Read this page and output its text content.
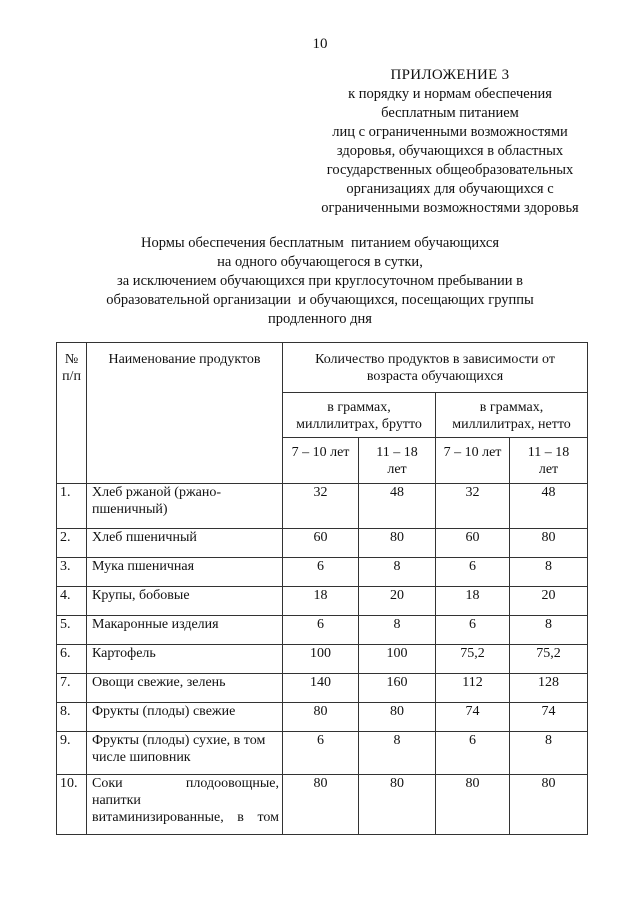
10
ПРИЛОЖЕНИЕ 3
к порядку и нормам обеспечения
бесплатным питанием
лиц с ограниченными возможностями
здоровья, обучающихся в областных
государственных общеобразовательных
организациях для обучающихся с
ограниченными возможностями здоровья
Нормы обеспечения бесплатным  питанием обучающихся
на одного обучающегося в сутки,
за исключением обучающихся при круглосуточном пребывании в
образовательной организации  и обучающихся, посещающих группы
продленного дня
№ п/п	Наименование продуктов	Количество продуктов в зависимости от возраста обучающихся			
		в граммах, миллилитрах, брутто		в граммах, миллилитрах, нетто	
		7 – 10 лет	11 – 18 лет	7 – 10 лет	11 – 18 лет
1.	Хлеб ржаной (ржано-пшеничный)	32	48	32	48
2.	Хлеб пшеничный	60	80	60	80
3.	Мука пшеничная	6	8	6	8
4.	Крупы, бобовые	18	20	18	20
5.	Макаронные изделия	6	8	6	8
6.	Картофель	100	100	75,2	75,2
7.	Овощи свежие, зелень	140	160	112	128
8.	Фрукты (плоды) свежие	80	80	74	74
9.	Фрукты (плоды) сухие, в том числе шиповник	6	8	6	8
10.	Соки плодоовощные,
напитки
витаминизированные, в том	80	80	80	80
